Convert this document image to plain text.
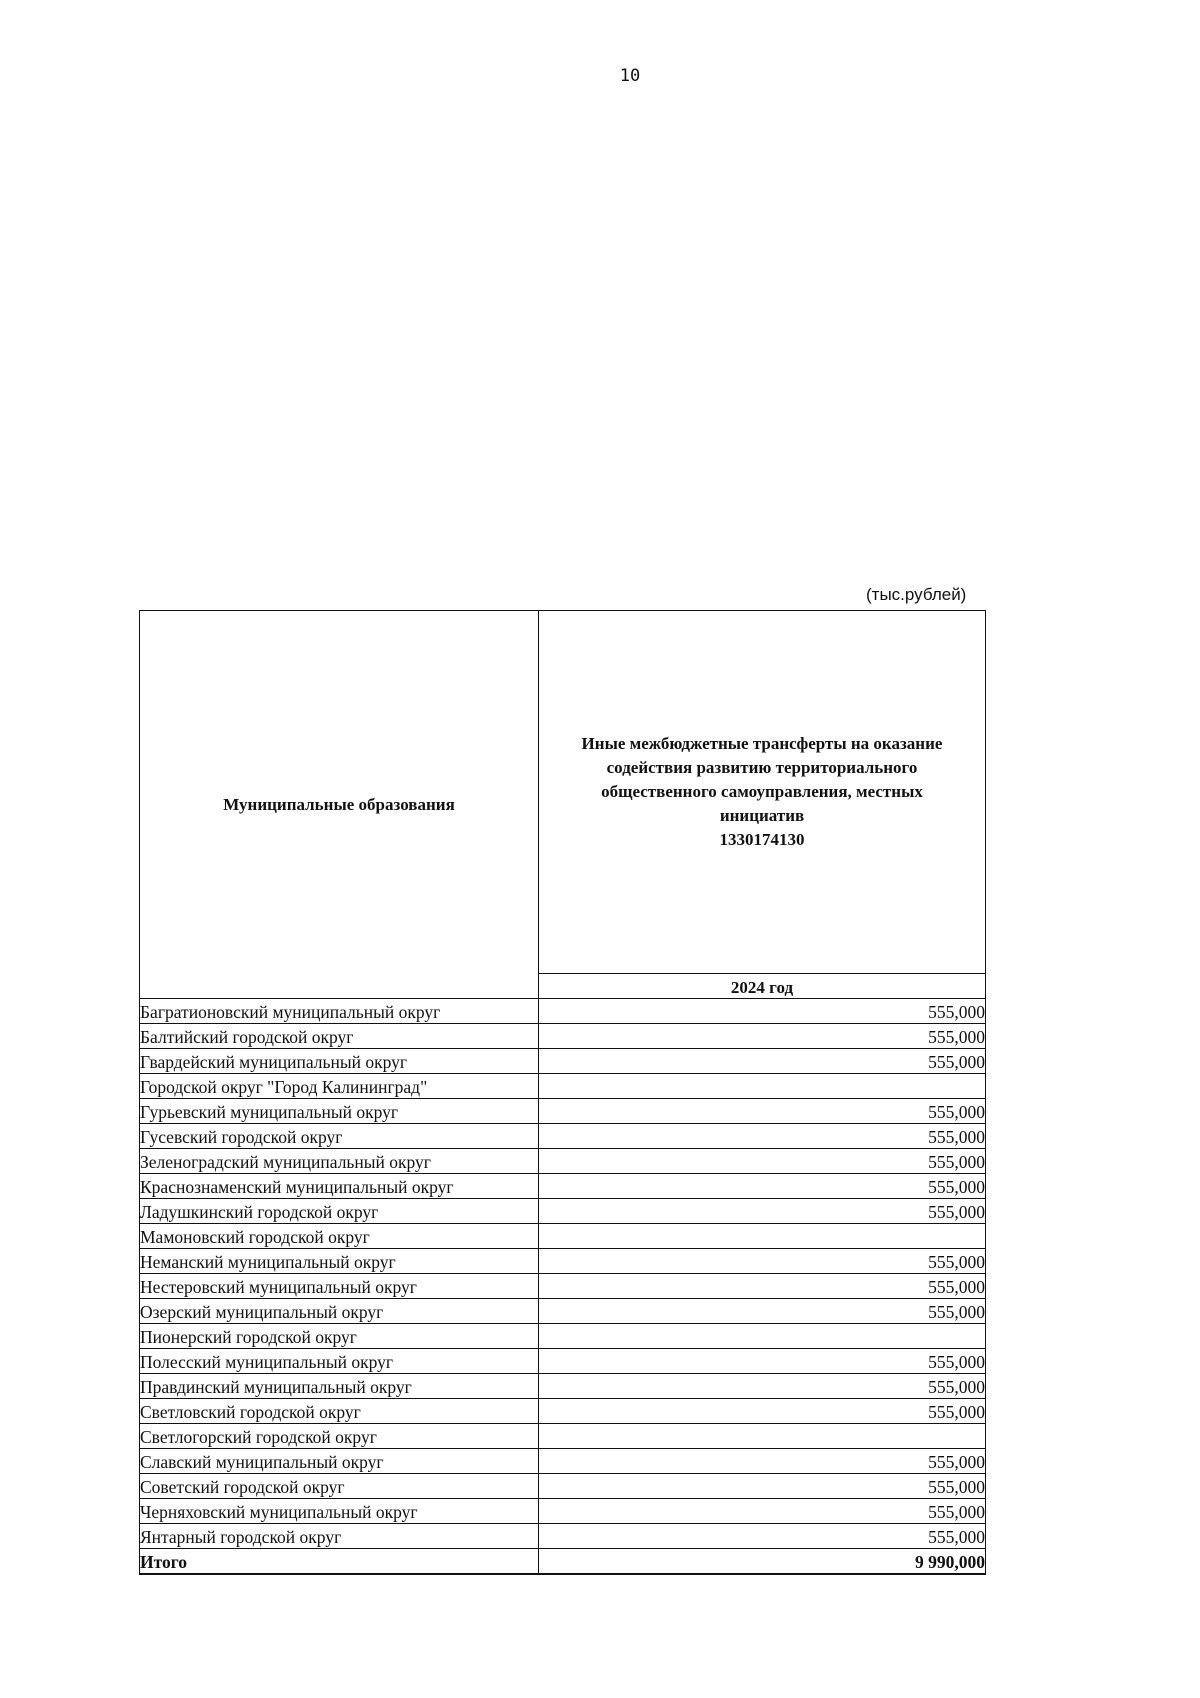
10
(тыс.рублей)
Муниципальные образования	Иные межбюджетные трансферты на оказание
содействия развитию территориального
общественного самоуправления, местных
инициатив
1330174130

	2024 год
Багратионовский муниципальный округ	555,000
Балтийский городской округ	555,000
Гвардейский муниципальный округ	555,000
Городской округ "Город Калининград"	
Гурьевский муниципальный округ	555,000
Гусевский городской округ	555,000
Зеленоградский муниципальный округ	555,000
Краснознаменский муниципальный округ	555,000
Ладушкинский городской округ	555,000
Мамоновский городской округ	
Неманский муниципальный округ	555,000
Нестеровский муниципальный округ	555,000
Озерский муниципальный округ	555,000
Пионерский городской округ	
Полесский муниципальный округ	555,000
Правдинский муниципальный округ	555,000
Светловский городской округ	555,000
Светлогорский городской округ	
Славский муниципальный округ	555,000
Советский городской округ	555,000
Черняховский муниципальный округ	555,000
Янтарный городской округ	555,000
Итого	9 990,000
